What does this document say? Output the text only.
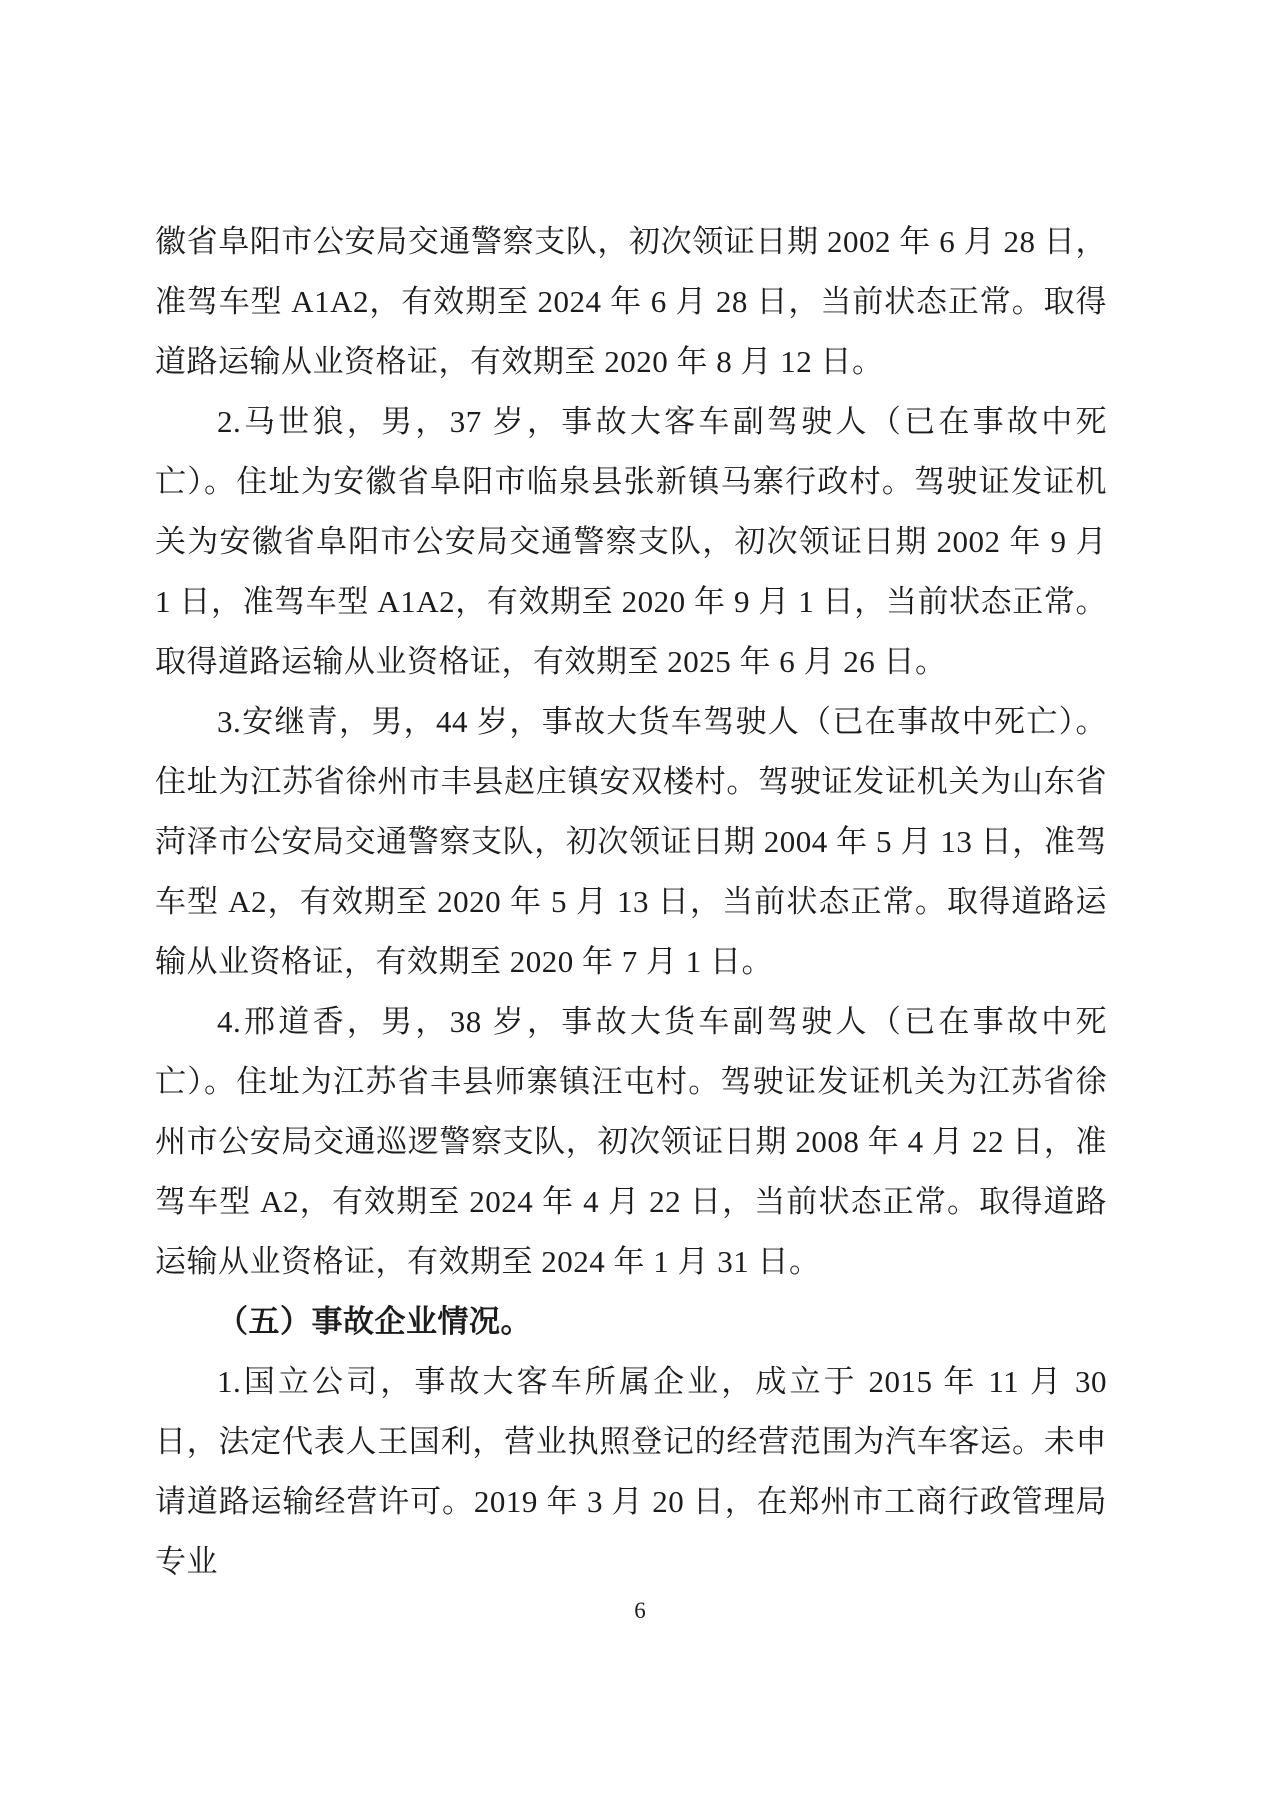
徽省阜阳市公安局交通警察支队，初次领证日期 2002 年 6 月 28 日，准驾车型 A1A2，有效期至 2024 年 6 月 28 日，当前状态正常。取得道路运输从业资格证，有效期至 2020 年 8 月 12 日。

2.马世狼，男，37 岁，事故大客车副驾驶人（已在事故中死亡）。住址为安徽省阜阳市临泉县张新镇马寨行政村。驾驶证发证机关为安徽省阜阳市公安局交通警察支队，初次领证日期 2002 年 9 月 1 日，准驾车型 A1A2，有效期至 2020 年 9 月 1 日，当前状态正常。取得道路运输从业资格证，有效期至 2025 年 6 月 26 日。

3.安继青，男，44 岁，事故大货车驾驶人（已在事故中死亡）。住址为江苏省徐州市丰县赵庄镇安双楼村。驾驶证发证机关为山东省菏泽市公安局交通警察支队，初次领证日期 2004 年 5 月 13 日，准驾车型 A2，有效期至 2020 年 5 月 13 日，当前状态正常。取得道路运输从业资格证，有效期至 2020 年 7 月 1 日。

4.邢道香，男，38 岁，事故大货车副驾驶人（已在事故中死亡）。住址为江苏省丰县师寨镇汪屯村。驾驶证发证机关为江苏省徐州市公安局交通巡逻警察支队，初次领证日期 2008 年 4 月 22 日，准驾车型 A2，有效期至 2024 年 4 月 22 日，当前状态正常。取得道路运输从业资格证，有效期至 2024 年 1 月 31 日。

（五）事故企业情况。

1.国立公司，事故大客车所属企业，成立于 2015 年 11 月 30 日，法定代表人王国利，营业执照登记的经营范围为汽车客运。未申请道路运输经营许可。2019 年 3 月 20 日，在郑州市工商行政管理局专业

6
